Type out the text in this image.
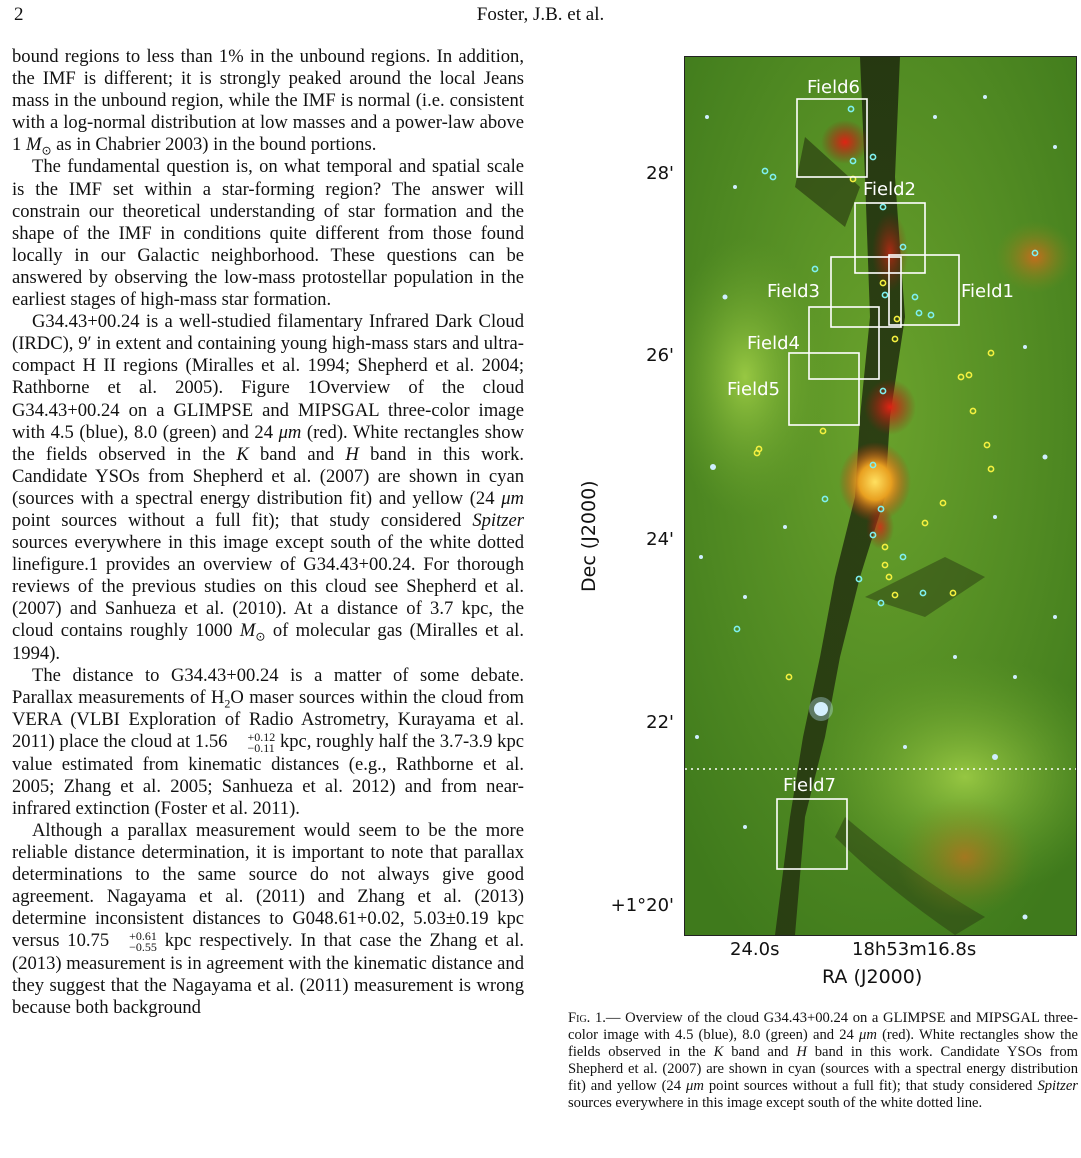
2	Foster, J.B. et al.

bound regions to less than 1% in the unbound regions. In addition, the IMF is different; it is strongly peaked around the local Jeans mass in the unbound region, while the IMF is normal (i.e. consistent with a log-normal distribution at low masses and a power-law above 1 $M_⊙$ as in Chabrier 2003) in the bound portions.

The fundamental question is, on what temporal and spatial scale is the IMF set within a star-forming region? The answer will constrain our theoretical understanding of star formation and the shape of the IMF in conditions quite different from those found locally in our Galactic neighborhood. These questions can be answered by observing the low-mass protostellar population in the earliest stages of high-mass star formation.

G34.43+00.24 is a well-studied filamentary Infrared Dark Cloud (IRDC), 9′ in extent and containing young high-mass stars and ultra-compact H II regions (Miralles et al. 1994; Shepherd et al. 2004; Rathborne et al. 2005). Figure 1Overview of the cloud G34.43+00.24 on a GLIMPSE and MIPSGAL three-color image with 4.5 (blue), 8.0 (green) and 24 μm (red). White rectangles show the fields observed in the K band and H band in this work. Candidate YSOs from Shepherd et al. (2007) are shown in cyan (sources with a spectral energy distribution fit) and yellow (24 μm point sources without a full fit); that study considered Spitzer sources everywhere in this image except south of the white dotted linefigure.1 provides an overview of G34.43+00.24. For thorough reviews of the previous studies on this cloud see Shepherd et al. (2007) and Sanhueza et al. (2010). At a distance of 3.7 kpc, the cloud contains roughly 1000 $M_⊙$ of molecular gas (Miralles et al. 1994).

The distance to G34.43+00.24 is a matter of some debate. Parallax measurements of $H_2O$ maser sources within the cloud from VERA (VLBI Exploration of Radio Astrometry, Kurayama et al. 2011) place the cloud at 1.56	+0.12
−0.11 kpc, roughly half the 3.7-3.9 kpc value estimated from kinematic distances (e.g., Rathborne et al. 2005; Zhang et al. 2005; Sanhueza et al. 2012) and from near-infrared extinction (Foster et al. 2011).

Although a parallax measurement would seem to be the more reliable distance determination, it is important to note that parallax determinations to the same source do not always give good agreement. Nagayama et al. (2011) and Zhang et al. (2013) determine inconsistent distances to G048.61+0.02, 5.03±0.19 kpc versus 10.75	+0.61
−0.55 kpc respectively. In that case the Zhang et al. (2013) measurement is in agreement with the kinematic distance and they suggest that the Nagayama et al. (2011) measurement is wrong because both background

Field6
Field2
Field3	Field1
Field4
Field5
Field7
28'
26'
24'
22'
+1°20'
Dec (J2000)
24.0s	18h53m16.8s
RA (J2000)
Fig. 1.— Overview of the cloud G34.43+00.24 on a GLIMPSE and MIPSGAL three-color image with 4.5 (blue), 8.0 (green) and 24 μm (red). White rectangles show the fields observed in the K band and H band in this work. Candidate YSOs from Shepherd et al. (2007) are shown in cyan (sources with a spectral energy distribution fit) and yellow (24 μm point sources without a full fit); that study considered Spitzer sources everywhere in this image except south of the white dotted line.
